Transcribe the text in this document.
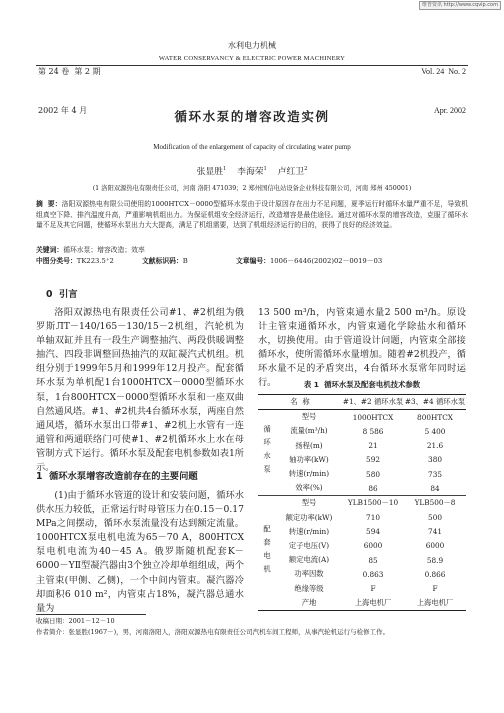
维普资讯 http://www.cqvip.com

第 24 卷  第 2 期

2002 年 4 月

水利电力机械
WATER CONSERVANCY & ELECTRIC POWER MACHINERY

Vol. 24  No. 2

Apr. 2002

循环水泵的增容改造实例
Modification of the enlargement of capacity of circulating water pump
张显胜$^1$ 李海荣$^1$ 卢红卫$^2$
(1 洛阳双源热电有限责任公司，河南 洛阳 471039；2 郑州国信电站设备企业科技有限公司，河南 郑州 450001)
摘  要：洛阳双源热电有限公司使用的1000HTCX－0000型循环水泵由于设计原因存在出力不足问题，夏季运行时循环水量严重不足，导致机组真空下降、排汽温度升高，严重影响机组出力。为保证机组安全经济运行，改造增容是最佳途径。通过对循环水泵的增容改造，克服了循环水量不足及其它问题，使循环水泵出力大大提高，满足了机组需要，达到了机组经济运行的目的，获得了良好的经济效益。
关键词：循环水泵；增容改造；效率
中图分类号：TK223.5⁺2	文献标识码：B	文章编号：1006－6446(2002)02－0019－03
0  引言
洛阳双源热电有限责任公司#1、#2机组为俄罗斯ЛТ－140/165－130/15－2机组，汽轮机为单轴双缸并且有一段生产调整抽汽、两段供暖调整抽汽、四段非调整回热抽汽的双缸凝汽式机组。机组分别于1999年5月和1999年12月投产。配套循环水泵为单机配1台1000HTCX－0000型循环水泵，1台800HTCX－0000型循环水泵和一座双曲自然通风塔。#1、#2机共4台循环水泵，两座自然通风塔，循环水泵出口带#1、#2机上水管有一连通管和两通联络门可使#1、#2机循环水上水在母管制方式下运行。循环水泵及配套电机参数如表1所示。
1  循环水泵增容改造前存在的主要问题
(1)由于循环水管道的设计和安装问题，循环水供水压力较低，正常运行时母管压力在0.15－0.17 MPa之间摆动，循环水泵流量没有达到额定流量。1000HTCX泵电机电流为65－70 A，800HTCX泵电机电流为40－45 A。俄罗斯随机配套K－6000－YⅡ型凝汽器由3个独立冷却单组组成，两个主管束(甲侧、乙侧)，一个中间内管束。凝汽器冷却面积6 010 m²，内管束占18%，凝汽器总通水量为
13 500 m³/h，内管束通水量2 500 m³/h。原设计主管束通循环水，内管束通化学除盐水和循环水，切换使用。由于管道设计问题，内管束全部接循环水，使所需循环水量增加。随着#2机投产，循环水量不足的矛盾突出，4台循环水泵常年同时运行。	表 1  循环水泵及配套电机技术参数
名  称		#1、#2 循环水泵	#3、#4 循环水泵
循环水泵	型号	1000HTCX	800HTCX
	流量(m³/h)	8 586	5 400
	扬程(m)	21	21.6
	轴功率(kW)	592	380
	转速(r/min)	580	735
	效率(%)	86	84
配套电机	型号	YLB1500－10	YLB500－8
	额定功率(kW)	710	500
	转速(r/min)	594	741
	定子电压(V)	6000	6000
	额定电流(A)	85	58.9
	功率因数	0.863	0.866
	绝缘等级	F	F
	产地	上海电机厂	上海电机厂
收稿日期：2001－12－10
作者简介：张显胜(1967－)，男，河南洛阳人，洛阳双源热电有限责任公司汽机车间工程师，从事汽轮机运行与检修工作。
